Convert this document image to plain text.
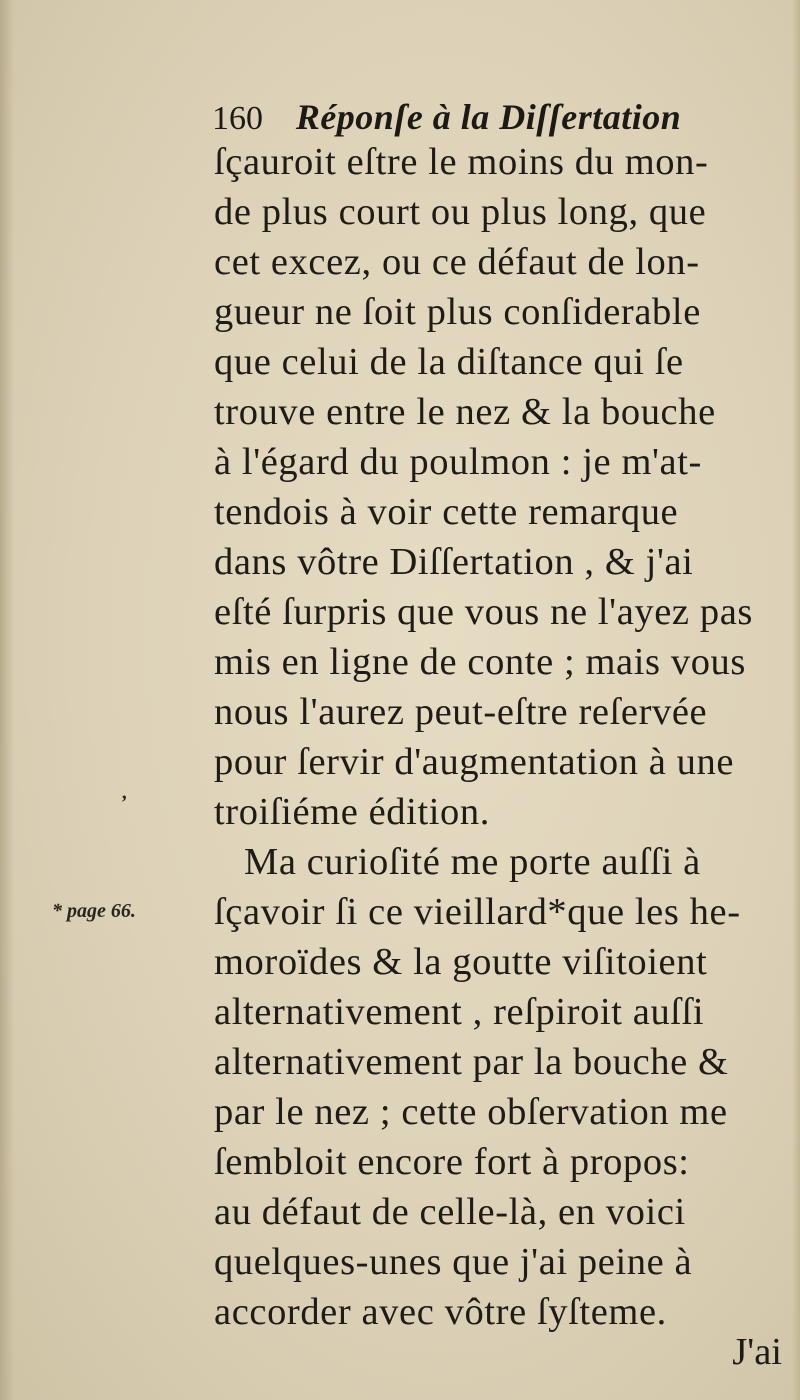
160 Réponſe à la Diſſertation
ſçauroit eſtre le moins du mon-
de plus court ou plus long, que
cet excez, ou ce défaut de lon-
gueur ne ſoit plus conſiderable
que celui de la diſtance qui ſe
trouve entre le nez & la bouche
à l'égard du poulmon : je m'at-
tendois à voir cette remarque
dans vôtre Diſſertation , & j'ai
eſté ſurpris que vous ne l'ayez pas
mis en ligne de conte ; mais vous
nous l'aurez peut-eſtre reſervée
pour ſervir d'augmentation à une
troiſiéme édition.
Ma curioſité me porte auſſi à
ſçavoir ſi ce vieillard*que les he-
moroïdes & la goutte viſitoient
alternativement , reſpiroit auſſi
alternativement par la bouche &
par le nez ; cette obſervation me
ſembloit encore fort à propos:
au défaut de celle-là, en voici
quelques-unes que j'ai peine à
accorder avec vôtre ſyſteme.
J'ai
ʼ
* page 66.
